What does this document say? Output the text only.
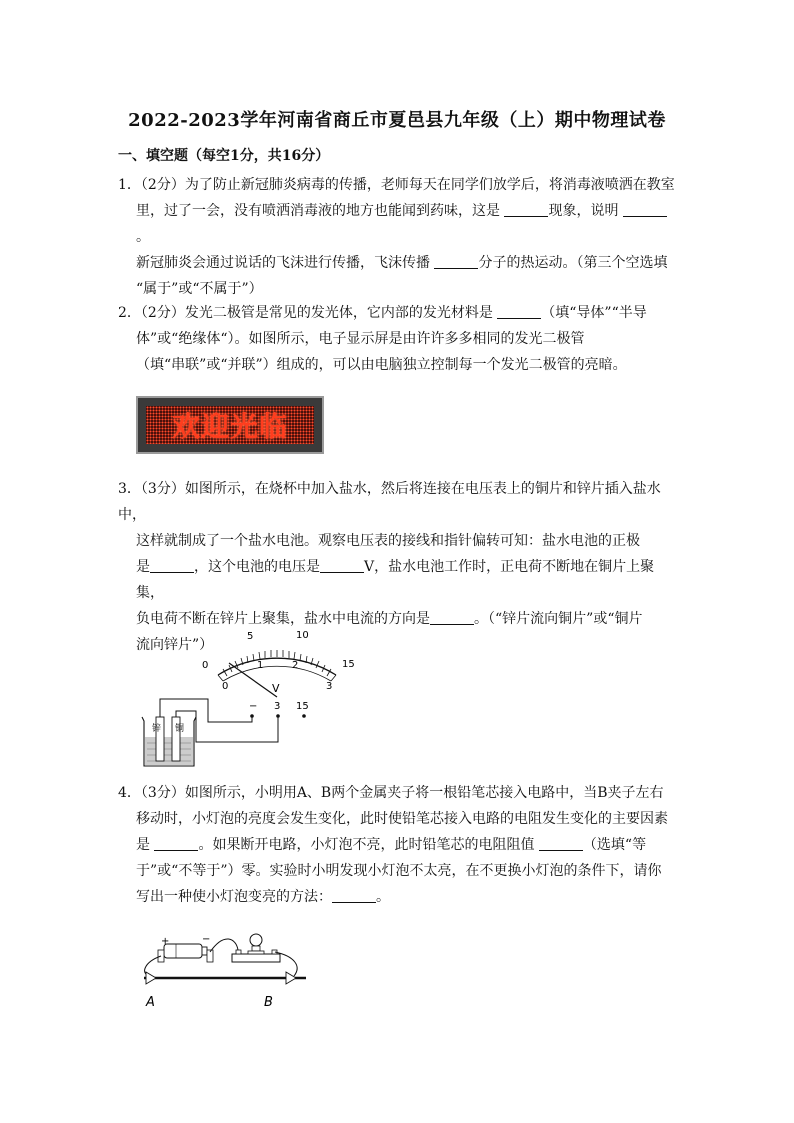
2022-2023学年河南省商丘市夏邑县九年级（上）期中物理试卷
一、填空题（每空1分，共16分）

1．（2分）为了防止新冠肺炎病毒的传播，老师每天在同学们放学后，将消毒液喷洒在教室

里，过了一会，没有喷洒消毒液的地方也能闻到药味，这是	现象，说明 。

新冠肺炎会通过说话的飞沫进行传播，飞沫传播	分子的热运动。（第三个空选填

“属于”或“不属于”）

2．（2分）发光二极管是常见的发光体，它内部的发光材料是	（填“导体”“半导

体”或“绝缘体“）。如图所示，电子显示屏是由许许多多相同的发光二极管

（填“串联”或“并联”）组成的，可以由电脑独立控制每一个发光二极管的亮暗。

欢迎光临

3．（3分）如图所示，在烧杯中加入盐水，然后将连接在电压表上的铜片和锌片插入盐水中，

这样就制成了一个盐水电池。观察电压表的接线和指针偏转可知：盐水电池的正极

是	，这个电池的电压是	V，盐水电池工作时，正电荷不断地在铜片上聚集，

负电荷不断在锌片上聚集，盐水中电流的方向是	。（“锌片流向铜片”或“铜片

流向锌片”）

0
5	10
15
0
1	2
3
V
− 3 15
锌 铜

4．（3分）如图所示，小明用A、B两个金属夹子将一根铅笔芯接入电路中，当B夹子左右

移动时，小灯泡的亮度会发生变化，此时使铅笔芯接入电路的电阻发生变化的主要因素

是	。如果断开电路，小灯泡不亮，此时铅笔芯的电阻阻值	（选填“等

于”或“不等于”）零。实验时小明发现小灯泡不太亮，在不更换小灯泡的条件下，请你

写出一种使小灯泡变亮的方法：	。

+	−
A	B
